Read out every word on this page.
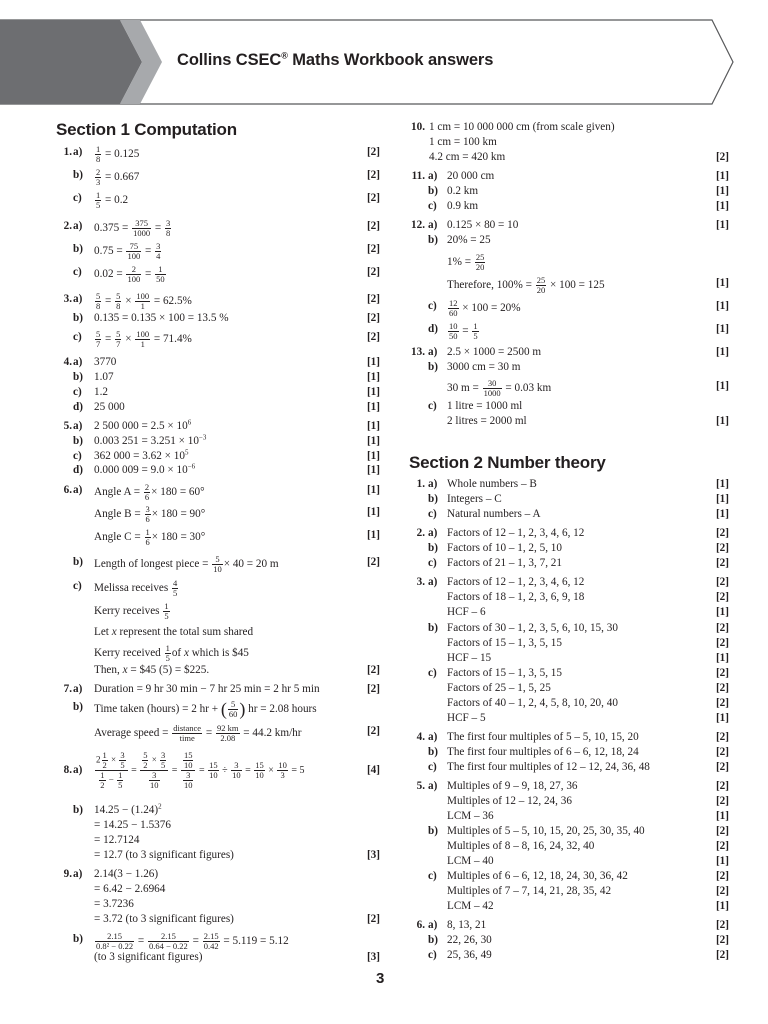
Collins CSEC® Maths Workbook answers
Section 1 Computation
1. $a) \frac{1}{8} = 0.125$	[2]
$b) \frac{2}{3} = 0.667$	[2]
$c) \frac{1}{5} = 0.2$	[2]
2. a) $0.375 = \frac{375}{1000} = \frac{3}{8}$	[2]
b) $0.75 = \frac{75}{100} = \frac{3}{4}$	[2]
c) $0.02 = \frac{2}{100} = \frac{1}{50}$	[2]
3. $a) \frac{5}{8} = \frac{5}{8} \times \frac{100}{1} = 62.5\%$	[2]
b) 0.135 = 0.135 × 100 = 13.5 %	[2]
$c) \frac{5}{7} = \frac{5}{7} \times \frac{100}{1} = 71.4\%$	[2]
4. a) 3770	[1]
b) 1.07	[1]
c) 1.2	[1]
d) 25 000	[1]
5. a) 2 500 $000 = 2.5 \times 10^6$	[1]
b) 0.003 $251 = 3.251 \times 10^{-3}$	[1]
c) 362 $000 = 3.62 \times 10^5$	[1]
d) 0.000 $009 = 9.0 \times 10^{-6}$	[1]
6. a) Angle $A = \frac{2}{6} \times 180 = 60^\circ$	[1]
Angle $B = \frac{3}{6} \times 180 = 90^\circ$	[1]
Angle $C = \frac{1}{6} \times 180 = 30^\circ$	[1]
b) Length of longest piece = $\frac{5}{10} \times 40 = 20$ m	[2]
c) Melissa receives $\frac{4}{5}$
Kerry receives $\frac{1}{5}$
Let x represent the total sum shared
Kerry received $\frac{1}{5}$ of x which is $45
Then, x = $45 (5) = $225.	[2]
7. a) Duration = 9 hr 30 min − 7 hr 25 min = 2 hr 5 min	[2]
b) Time taken (hours) = 2 hr + ( $\frac{5}{60}$ ) hr = 2.08 hours
Average speed = $\frac{\text{distance}}{\text{time}} = \frac{92 km}{2.08} = 44.2$ km/hr	[2]
8. $a) \frac{2 \frac{1}{2} \times \frac{3}{5}}{\frac{1}{2} - \frac{1}{5}} = \frac{\frac{5}{2} \times \frac{3}{5}}{\frac{3}{10}} = \frac{\frac{15}{10}}{\frac{3}{10}} = \frac{15}{10} \div \frac{3}{10} = \frac{15}{10} \times \frac{10}{3} = 5$	[4]
b) $14.25 - (1.24)^2$
= 14.25 − 1.5376
= 12.7124
= 12.7 (to 3 significant figures)	[3]
9. a) 2.14(3 − 1.26)
= 6.42 − 2.6964
= 3.7236
= 3.72 (to 3 significant figures)	[2]
$b) \frac{2.15}{\text{0.8² − 0.22}} = \frac{2.15}{0.64 - 0.22} = \frac{2.15}{0.42} = 5.119 = 5.12$
(to 3 significant figures)	[3]
10. 1 cm = 10 000 000 cm (from scale given)
1 cm = 100 km
4.2 cm = 420 km	[2]
11. a) 20 000 cm	[1]
b) 0.2 km	[1]
c) 0.9 km	[1]
12. a) 0.125 × 80 = 10	[1]
b) 20% = 25
$1\% = \frac{25}{20}$
Therefore, $100\% = \frac{25}{20} \times 100 = 125$	[1]
$c) \frac{12}{60} \times 100 = 20\%$	[1]
$d) \frac{10}{50} = \frac{1}{5}$	[1]
13. a) 2.5 × 1000 = 2500 m	[1]
b) 3000 cm = 30 m
30 $m = \frac{30}{1000} = 0.03$ km	[1]
c) 1 litre = 1000 ml
2 litres = 2000 ml	[1]
Section 2 Number theory
1. a) Whole numbers – B	[1]
b) Integers – C	[1]
c) Natural numbers – A	[1]
2. a) Factors of 12 – 1, 2, 3, 4, 6, 12	[2]
b) Factors of 10 – 1, 2, 5, 10	[2]
c) Factors of 21 – 1, 3, 7, 21	[2]
3. a) Factors of 12 – 1, 2, 3, 4, 6, 12	[2]
Factors of 18 – 1, 2, 3, 6, 9, 18	[2]
HCF – 6	[1]
b) Factors of 30 – 1, 2, 3, 5, 6, 10, 15, 30	[2]
Factors of 15 – 1, 3, 5, 15	[2]
HCF – 15	[1]
c) Factors of 15 – 1, 3, 5, 15	[2]
Factors of 25 – 1, 5, 25	[2]
Factors of 40 – 1, 2, 4, 5, 8, 10, 20, 40	[2]
HCF – 5	[1]
4. a) The first four multiples of 5 – 5, 10, 15, 20	[2]
b) The first four multiples of 6 – 6, 12, 18, 24	[2]
c) The first four multiples of 12 – 12, 24, 36, 48	[2]
5. a) Multiples of 9 – 9, 18, 27, 36	[2]
Multiples of 12 – 12, 24, 36	[2]
LCM – 36	[1]
b) Multiples of 5 – 5, 10, 15, 20, 25, 30, 35, 40	[2]
Multiples of 8 – 8, 16, 24, 32, 40	[2]
LCM – 40	[1]
c) Multiples of 6 – 6, 12, 18, 24, 30, 36, 42	[2]
Multiples of 7 – 7, 14, 21, 28, 35, 42	[2]
LCM – 42	[1]
6. a) 8, 13, 21	[2]
b) 22, 26, 30	[2]
c) 25, 36, 49	[2]
3
